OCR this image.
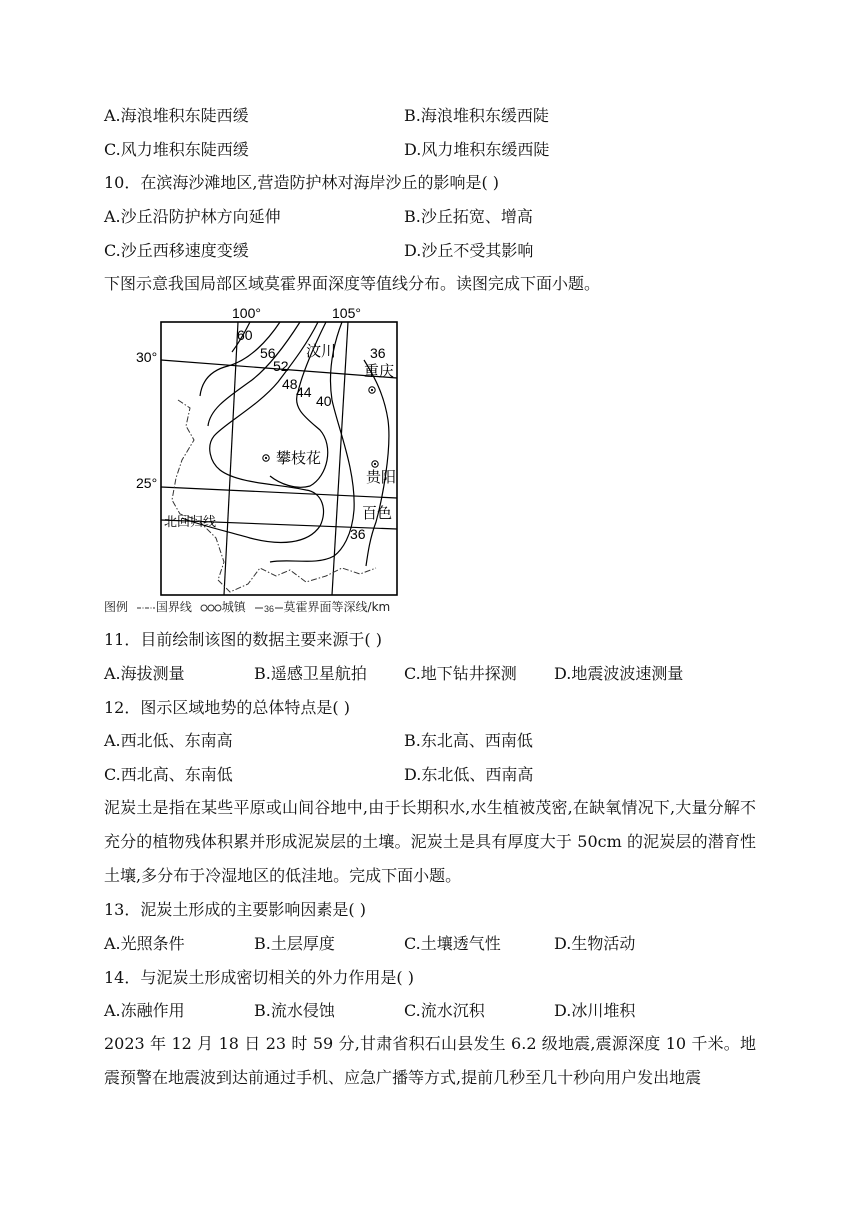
A.海浪堆积东陡西缓	B.海浪堆积东缓西陡
C.风力堆积东陡西缓	D.风力堆积东缓西陡
10．在滨海沙滩地区,营造防护林对海岸沙丘的影响是( )
A.沙丘沿防护林方向延伸	B.沙丘拓宽、增高
C.沙丘西移速度变缓	D.沙丘不受其影响
下图示意我国局部区域莫霍界面深度等值线分布。读图完成下面小题。
100°	105°
30°
25°
60
56
52
48
44
40
36
36
汶川
重庆
攀枝花
贵阳
百色
北回归线
图例 国界线 城镇 36 莫霍界面等深线/km
11．目前绘制该图的数据主要来源于( )
A.海拔测量	B.遥感卫星航拍 C.地下钻井探测 D.地震波波速测量
12．图示区域地势的总体特点是( )
A.西北低、东南高	B.东北高、西南低
C.西北高、东南低	D.东北低、西南高
泥炭土是指在某些平原或山间谷地中,由于长期积水,水生植被茂密,在缺氧情况下,大量分解不充分的植物残体积累并形成泥炭层的土壤。泥炭土是具有厚度大于 50cm 的泥炭层的潜育性土壤,多分布于冷湿地区的低洼地。完成下面小题。
13．泥炭土形成的主要影响因素是( )
A.光照条件	B.土层厚度	C.土壤透气性	D.生物活动
14．与泥炭土形成密切相关的外力作用是( )
A.冻融作用	B.流水侵蚀	C.流水沉积	D.冰川堆积
2023 年 12 月 18 日 23 时 59 分,甘肃省积石山县发生 6.2 级地震,震源深度 10 千米。地震预警在地震波到达前通过手机、应急广播等方式,提前几秒至几十秒向用户发出地震
